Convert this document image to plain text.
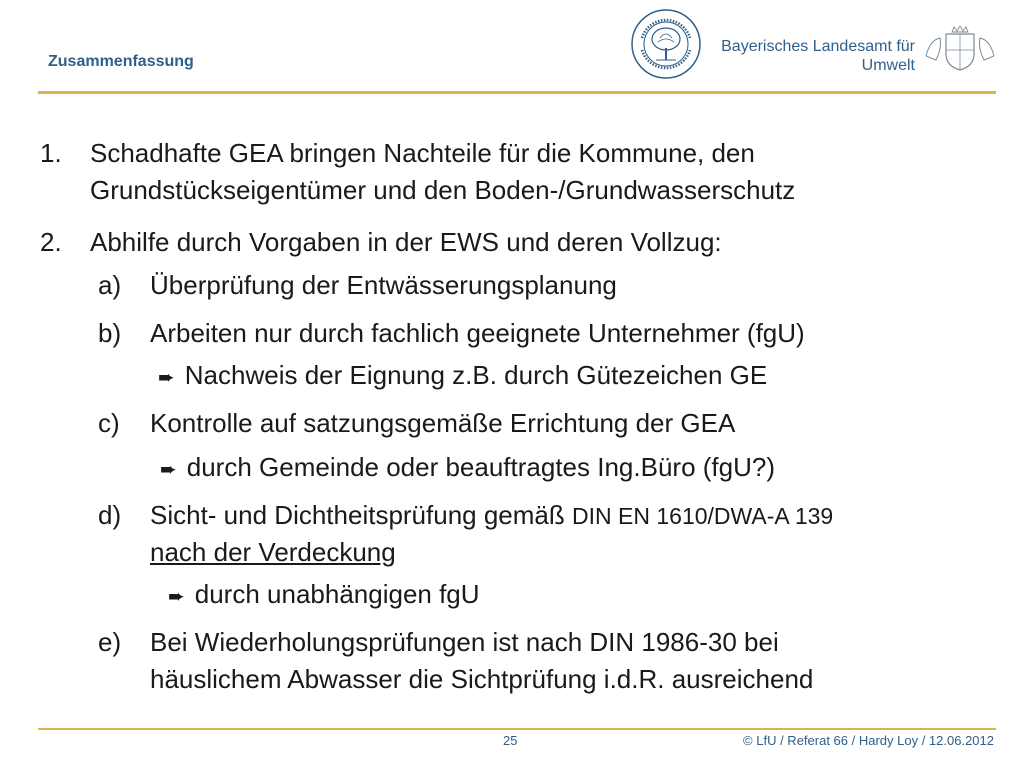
Zusammenfassung
Bayerisches Landesamt für
Umwelt
1. Schadhafte GEA bringen Nachteile für die Kommune, den
Grundstückseigentümer und den Boden-/Grundwasserschutz
2. Abhilfe durch Vorgaben in der EWS und deren Vollzug:
a) Überprüfung der Entwässerungsplanung
b) Arbeiten nur durch fachlich geeignete Unternehmer (fgU)
➨ Nachweis der Eignung z.B. durch Gütezeichen GE
c) Kontrolle auf satzungsgemäße Errichtung der GEA
➨ durch Gemeinde oder beauftragtes Ing.Büro (fgU?)
d) Sicht- und Dichtheitsprüfung gemäß DIN EN 1610/DWA-A 139
nach der Verdeckung
➨ durch unabhängigen fgU
e) Bei Wiederholungsprüfungen ist nach DIN 1986-30 bei
häuslichem Abwasser die Sichtprüfung i.d.R. ausreichend
25	© LfU / Referat 66 / Hardy Loy / 12.06.2012
